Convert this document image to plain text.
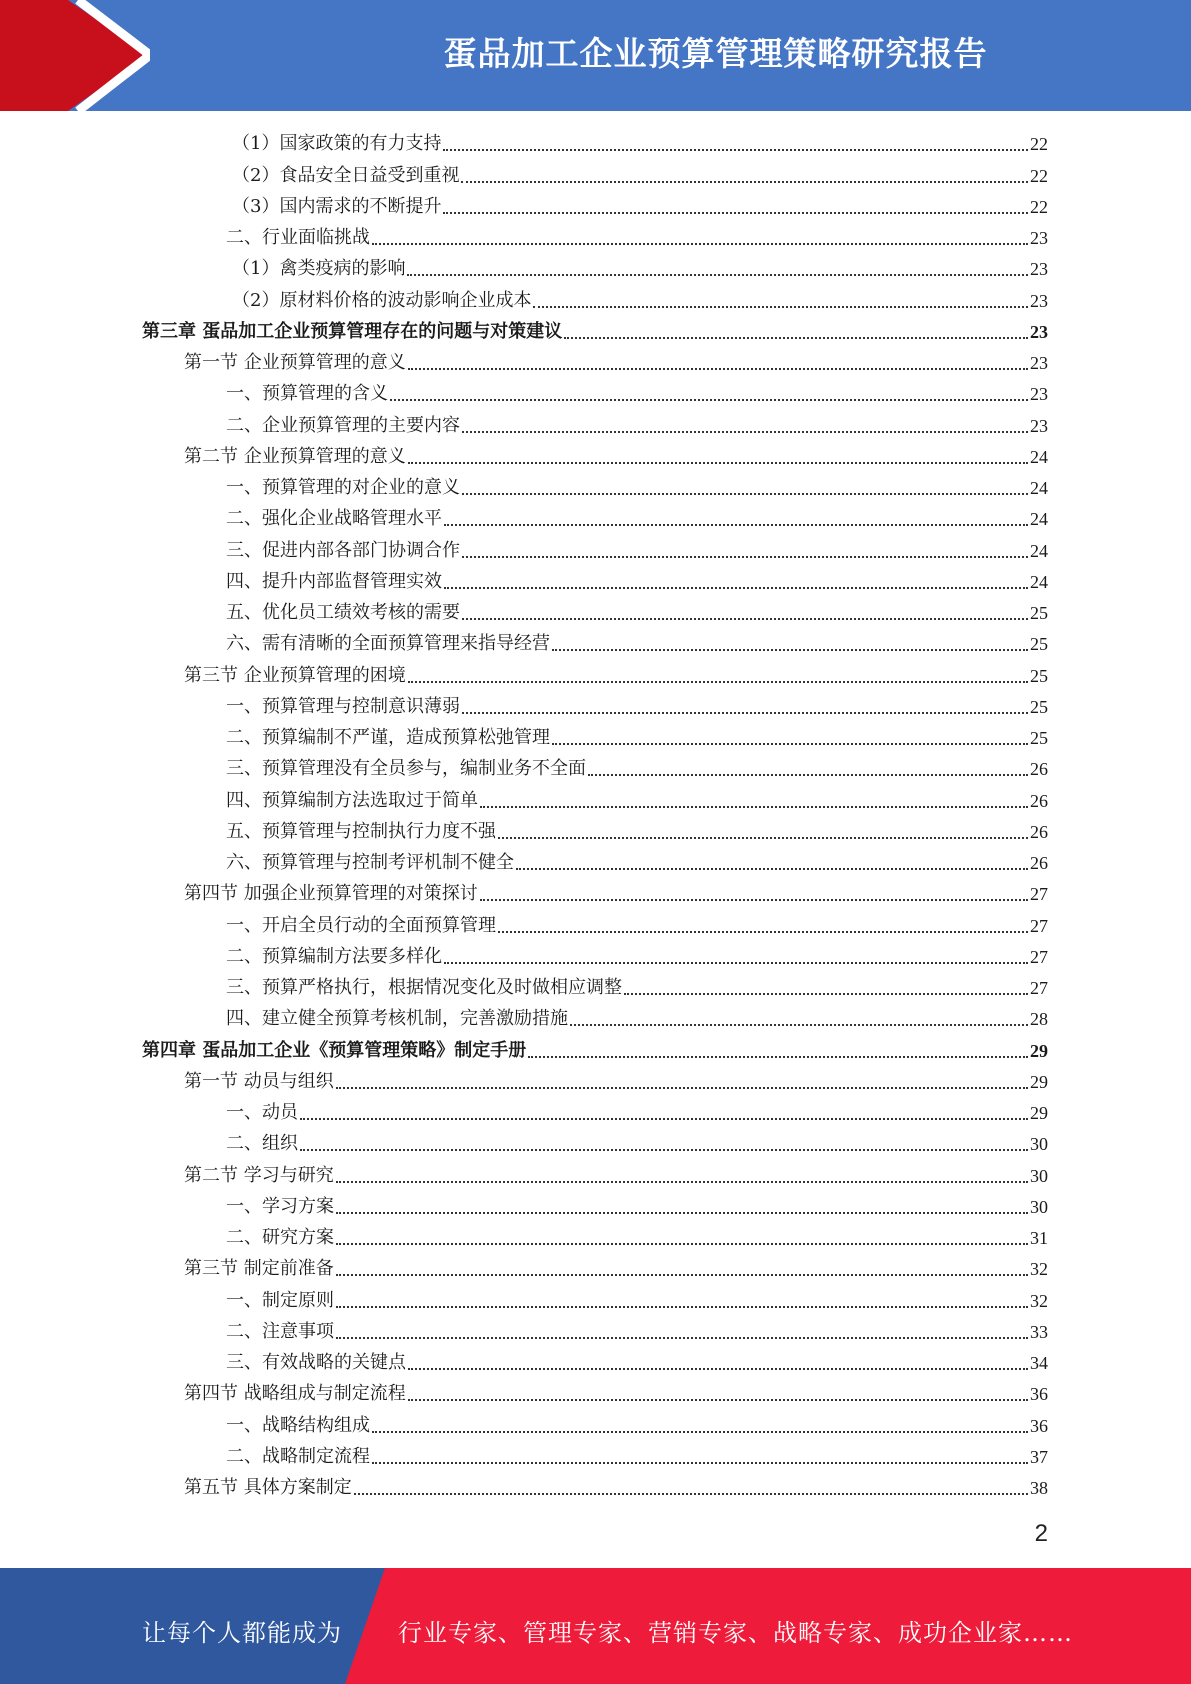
蛋品加工企业预算管理策略研究报告
（1）国家政策的有力支持	22
（2）食品安全日益受到重视	22
（3）国内需求的不断提升	22
二、行业面临挑战	23
（1）禽类疫病的影响	23
（2）原材料价格的波动影响企业成本	23
第三章 蛋品加工企业预算管理存在的问题与对策建议	23
第一节 企业预算管理的意义	23
一、预算管理的含义	23
二、企业预算管理的主要内容	23
第二节 企业预算管理的意义	24
一、预算管理的对企业的意义	24
二、强化企业战略管理水平	24
三、促进内部各部门协调合作	24
四、提升内部监督管理实效	24
五、优化员工绩效考核的需要	25
六、需有清晰的全面预算管理来指导经营	25
第三节 企业预算管理的困境	25
一、预算管理与控制意识薄弱	25
二、预算编制不严谨，造成预算松弛管理	25
三、预算管理没有全员参与，编制业务不全面	26
四、预算编制方法选取过于简单	26
五、预算管理与控制执行力度不强	26
六、预算管理与控制考评机制不健全	26
第四节 加强企业预算管理的对策探讨	27
一、开启全员行动的全面预算管理	27
二、预算编制方法要多样化	27
三、预算严格执行，根据情况变化及时做相应调整	27
四、建立健全预算考核机制，完善激励措施	28
第四章 蛋品加工企业《预算管理策略》制定手册	29
第一节 动员与组织	29
一、动员	29
二、组织	30
第二节 学习与研究	30
一、学习方案	30
二、研究方案	31
第三节 制定前准备	32
一、制定原则	32
二、注意事项	33
三、有效战略的关键点	34
第四节 战略组成与制定流程	36
一、战略结构组成	36
二、战略制定流程	37
第五节 具体方案制定	38
2
让每个人都能成为 行业专家、管理专家、营销专家、战略专家、成功企业家……
